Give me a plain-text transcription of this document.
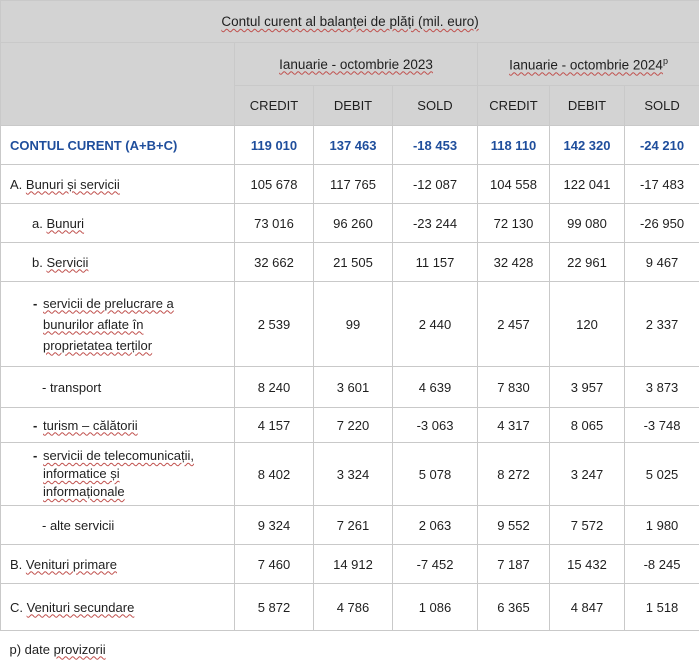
Contul curent al balanței de plăți (mil. euro)						
	Ianuarie - octombrie 2023			Ianuarie - octombrie 2024$^p$
	CREDIT	DEBIT	SOLD	CREDIT	DEBIT	SOLD
CONTUL CURENT (A+B+C)	119 010	137 463	-18 453	118 110	142 320	-24 210
A. Bunuri și servicii	105 678	117 765	-12 087	104 558	122 041	-17 483
a. Bunuri	73 016	96 260	-23 244	72 130	99 080	-26 950
b. Servicii	32 662	21 505	11 157	32 428	22 961	9 467

- servicii de prelucrare a
bunurilor aflate în
proprietatea terților	2 539	99	2 440	2 457	120	2 337
- transport	8 240	3 601	4 639	7 830	3 957	3 873

- turism – călătorii	4 157	7 220	-3 063	4 317	8 065	-3 748

- servicii de telecomunicații,
informatice și
informaționale	8 402	3 324	5 078	8 272	3 247	5 025
- alte servicii	9 324	7 261	2 063	9 552	7 572	1 980
B. Venituri primare	7 460	14 912	-7 452	7 187	15 432	-8 245
C. Venituri secundare	5 872	4 786	1 086	6 365	4 847	1 518
p) date provizorii						
